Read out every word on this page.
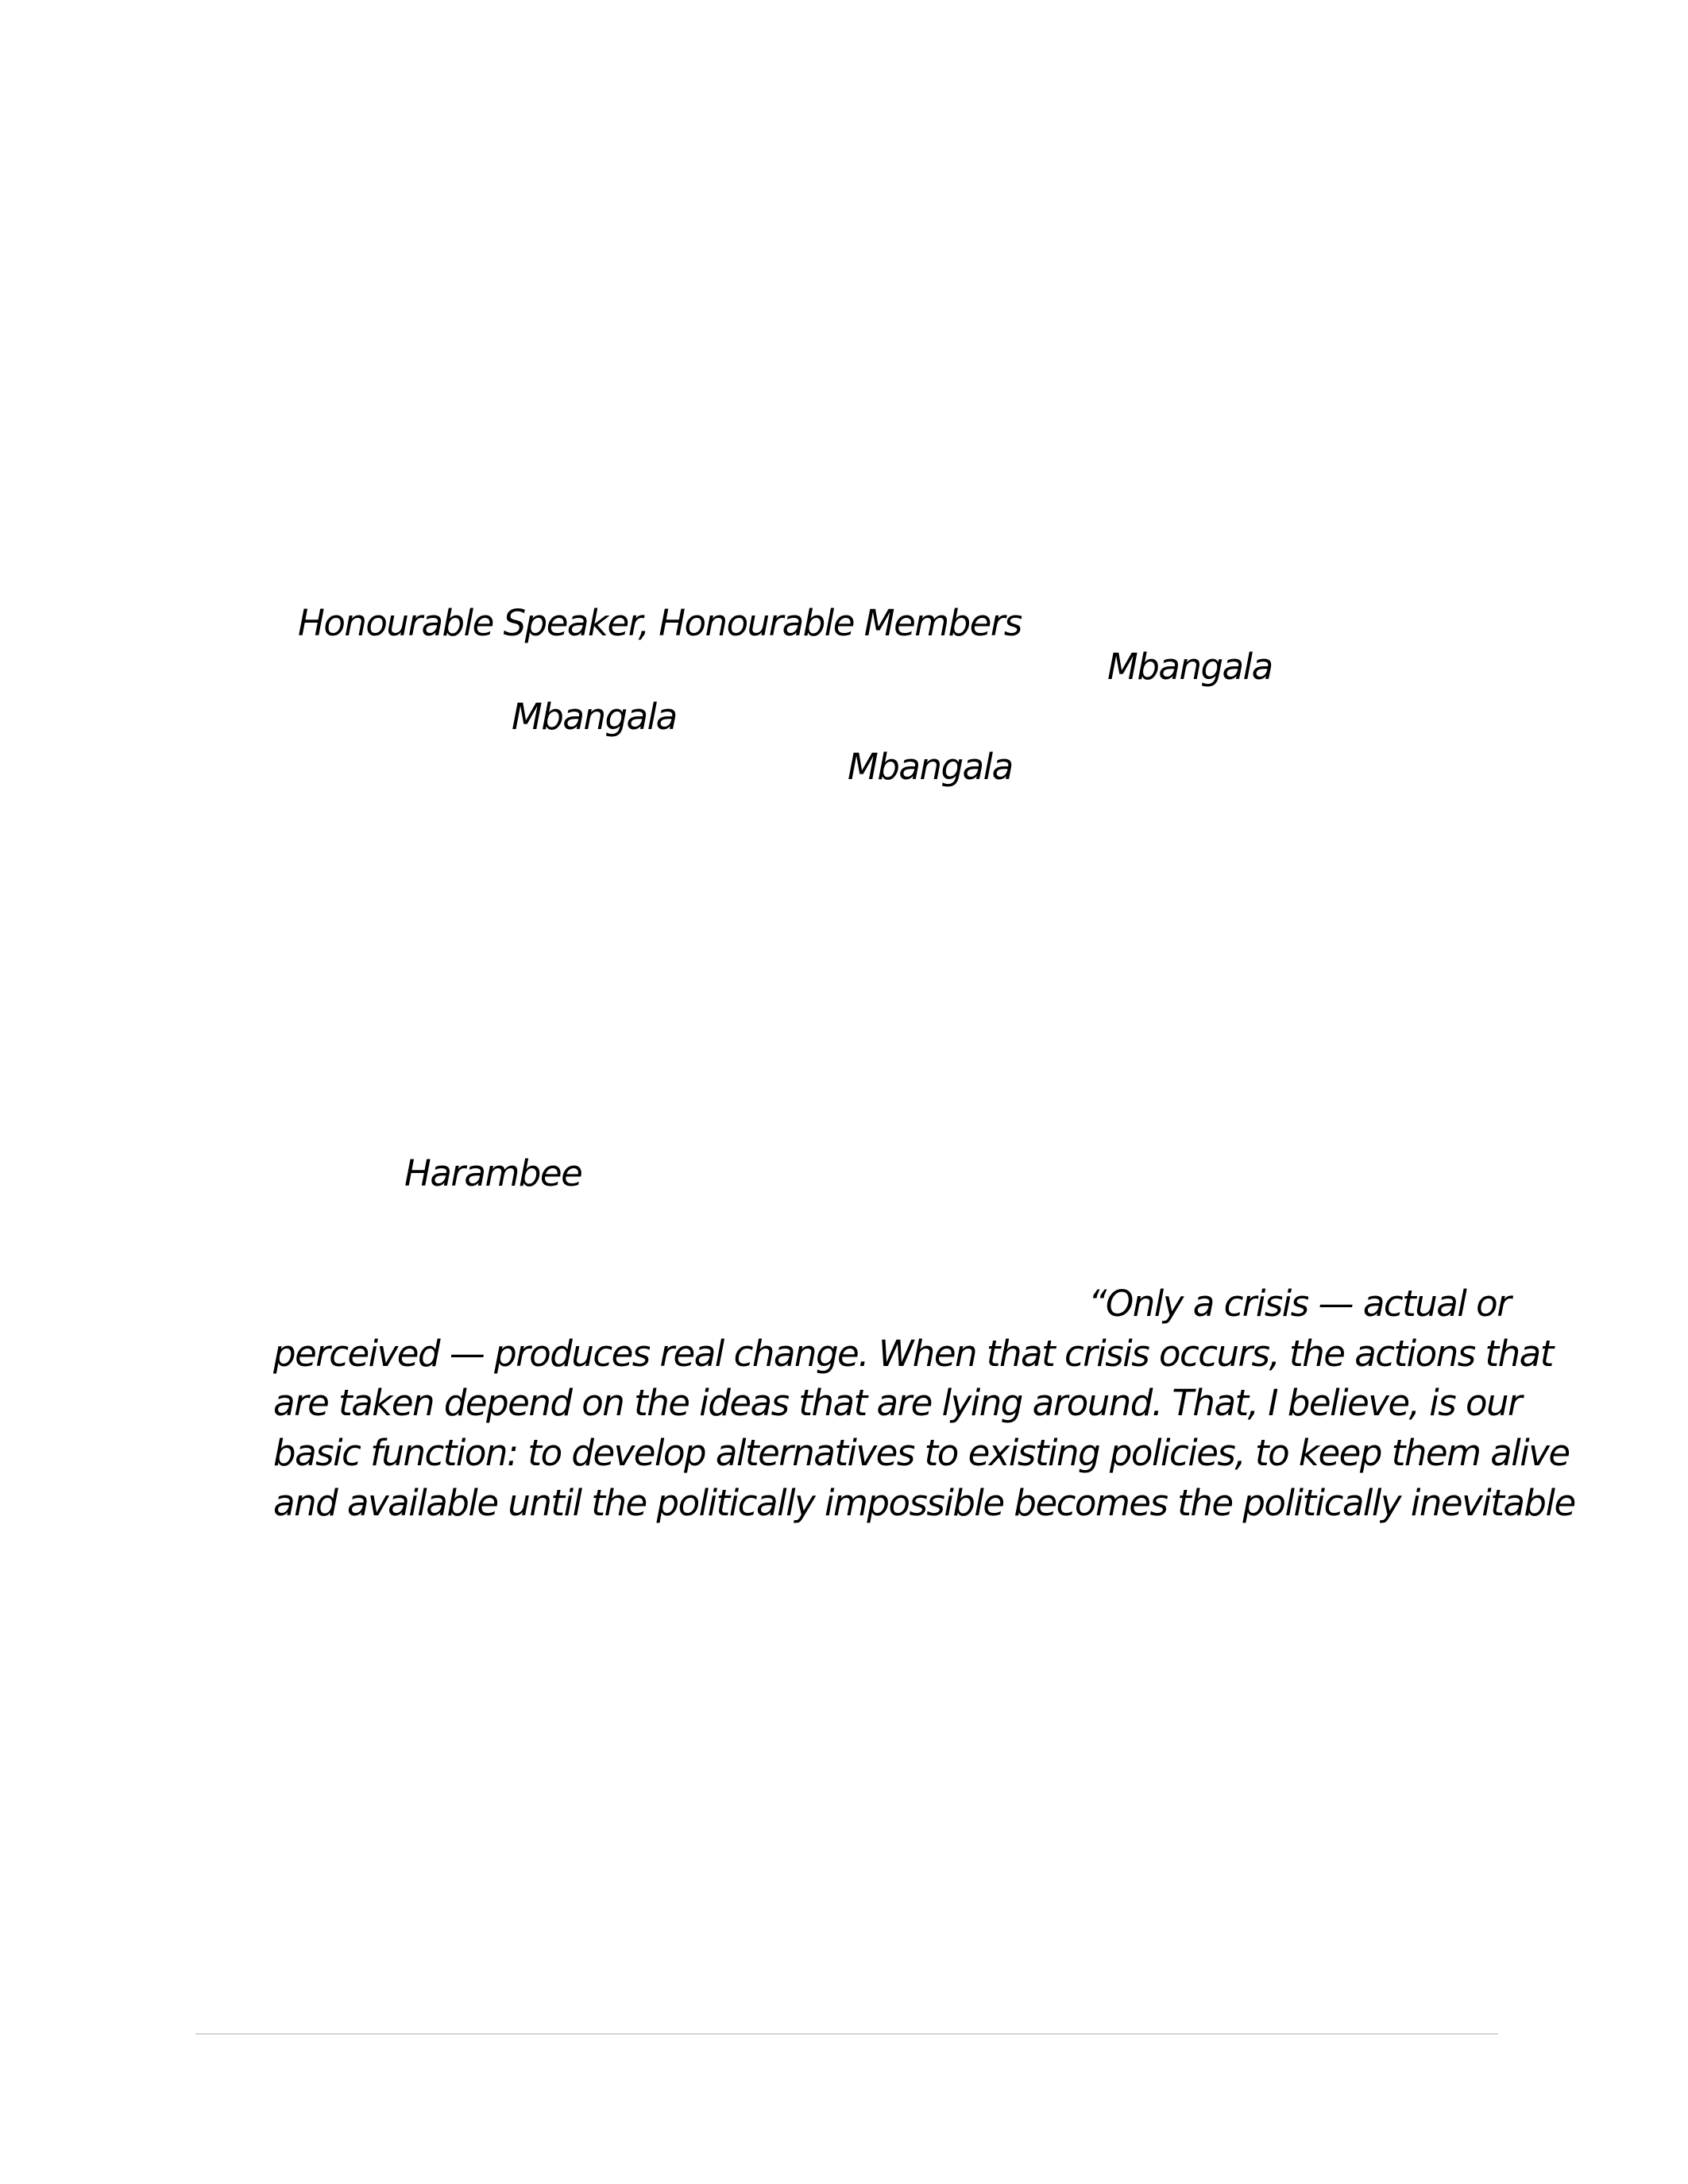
Honourable Speaker, Honourable Members

Mbangala

Mbangala

Mbangala

Harambee

“Only a crisis — actual or

perceived — produces real change. When that crisis occurs, the actions that

are taken depend on the ideas that are lying around. That, I believe, is our

basic function: to develop alternatives to existing policies, to keep them alive

and available until the politically impossible becomes the politically inevitable
